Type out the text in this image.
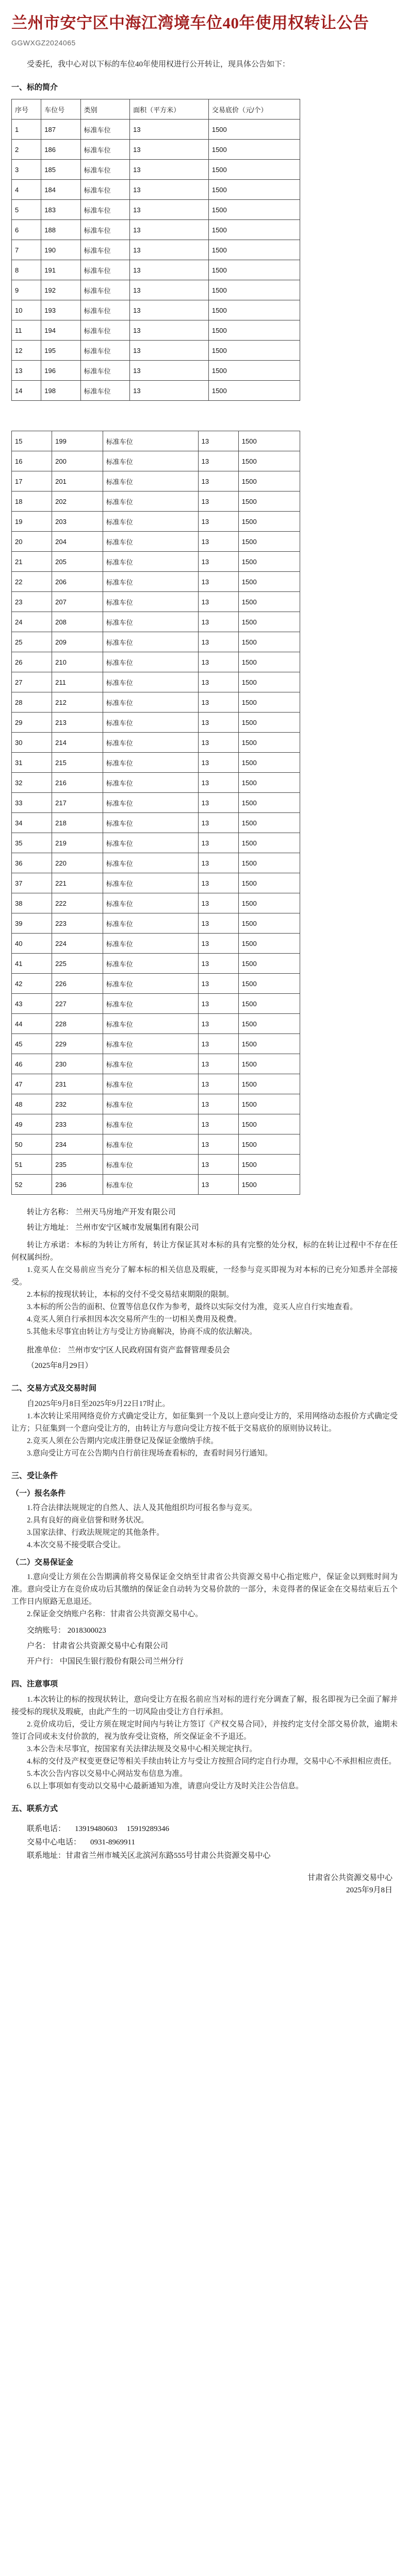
兰州市安宁区中海江湾境车位40年使用权转让公告
GGWXGZ2024065

受委托，我中心对以下标的车位40年使用权进行公开转让，现具体公告如下：

一、标的简介
序号	车位号	类别	面积（平方米）	交易底价（元/个）
1	187	标准车位	13	1500
2	186	标准车位	13	1500
3	185	标准车位	13	1500
4	184	标准车位	13	1500
5	183	标准车位	13	1500
6	188	标准车位	13	1500
7	190	标准车位	13	1500
8	191	标准车位	13	1500
9	192	标准车位	13	1500
10	193	标准车位	13	1500
11	194	标准车位	13	1500
12	195	标准车位	13	1500
13	196	标准车位	13	1500
14	198	标准车位	13	1500
15	199	标准车位	13	1500
16	200	标准车位	13	1500
17	201	标准车位	13	1500
18	202	标准车位	13	1500
19	203	标准车位	13	1500
20	204	标准车位	13	1500
21	205	标准车位	13	1500
22	206	标准车位	13	1500
23	207	标准车位	13	1500
24	208	标准车位	13	1500
25	209	标准车位	13	1500
26	210	标准车位	13	1500
27	211	标准车位	13	1500
28	212	标准车位	13	1500
29	213	标准车位	13	1500
30	214	标准车位	13	1500
31	215	标准车位	13	1500
32	216	标准车位	13	1500
33	217	标准车位	13	1500
34	218	标准车位	13	1500
35	219	标准车位	13	1500
36	220	标准车位	13	1500
37	221	标准车位	13	1500
38	222	标准车位	13	1500
39	223	标准车位	13	1500
40	224	标准车位	13	1500
41	225	标准车位	13	1500
42	226	标准车位	13	1500
43	227	标准车位	13	1500
44	228	标准车位	13	1500
45	229	标准车位	13	1500
46	230	标准车位	13	1500
47	231	标准车位	13	1500
48	232	标准车位	13	1500
49	233	标准车位	13	1500
50	234	标准车位	13	1500
51	235	标准车位	13	1500
52	236	标准车位	13	1500
转让方名称： 兰州天马房地产开发有限公司
转让方地址： 兰州市安宁区城市发展集团有限公司

转让方承诺：本标的为转让方所有，转让方保证其对本标的具有完整的处分权，标的在转让过程中不存在任何权属纠纷。

1.竞买人在交易前应当充分了解本标的相关信息及瑕疵，一经参与竞买即视为对本标的已充分知悉并全部接受。

2.本标的按现状转让，本标的交付不受交易结束期限的限制。

3.本标的所公告的面积、位置等信息仅作为参考，最终以实际交付为准，竞买人应自行实地查看。

4.竞买人须自行承担因本次交易所产生的一切相关费用及税费。

5.其他未尽事宜由转让方与受让方协商解决，协商不成的依法解决。

批准单位： 兰州市安宁区人民政府国有资产监督管理委员会
（2025年8月29日）
二、交易方式及交易时间

自2025年9月8日至2025年9月22日17时止。

1.本次转让采用网络竞价方式确定受让方，如征集到一个及以上意向受让方的，采用网络动态报价方式确定受让方；只征集到一个意向受让方的，由转让方与意向受让方按不低于交易底价的原则协议转让。

2.竞买人须在公告期内完成注册登记及保证金缴纳手续。

3.意向受让方可在公告期内自行前往现场查看标的，查看时间另行通知。

三、受让条件
（一）报名条件

1.符合法律法规规定的自然人、法人及其他组织均可报名参与竞买。

2.具有良好的商业信誉和财务状况。

3.国家法律、行政法规规定的其他条件。

4.本次交易不接受联合受让。

（二）交易保证金

1.意向受让方须在公告期满前将交易保证金交纳至甘肃省公共资源交易中心指定账户，保证金以到账时间为准。意向受让方在竞价成功后其缴纳的保证金自动转为交易价款的一部分，未竞得者的保证金在交易结束后五个工作日内原路无息退还。

2.保证金交纳账户名称：甘肃省公共资源交易中心。

交纳账号： 2018300023
户名： 甘肃省公共资源交易中心有限公司
开户行： 中国民生银行股份有限公司兰州分行
四、注意事项

1.本次转让的标的按现状转让，意向受让方在报名前应当对标的进行充分调查了解，报名即视为已全面了解并接受标的现状及瑕疵，由此产生的一切风险由受让方自行承担。

2.竞价成功后，受让方须在规定时间内与转让方签订《产权交易合同》，并按约定支付全部交易价款，逾期未签订合同或未支付价款的，视为放弃受让资格，所交保证金不予退还。

3.本公告未尽事宜，按国家有关法律法规及交易中心相关规定执行。

4.标的交付及产权变更登记等相关手续由转让方与受让方按照合同约定自行办理，交易中心不承担相应责任。

5.本次公告内容以交易中心网站发布信息为准。

6.以上事项如有变动以交易中心最新通知为准，请意向受让方及时关注公告信息。

五、联系方式
联系电话： 13919480603 15919289346
交易中心电话： 0931-8969911
联系地址：甘肃省兰州市城关区北滨河东路555号甘肃公共资源交易中心
甘肃省公共资源交易中心
2025年9月8日
